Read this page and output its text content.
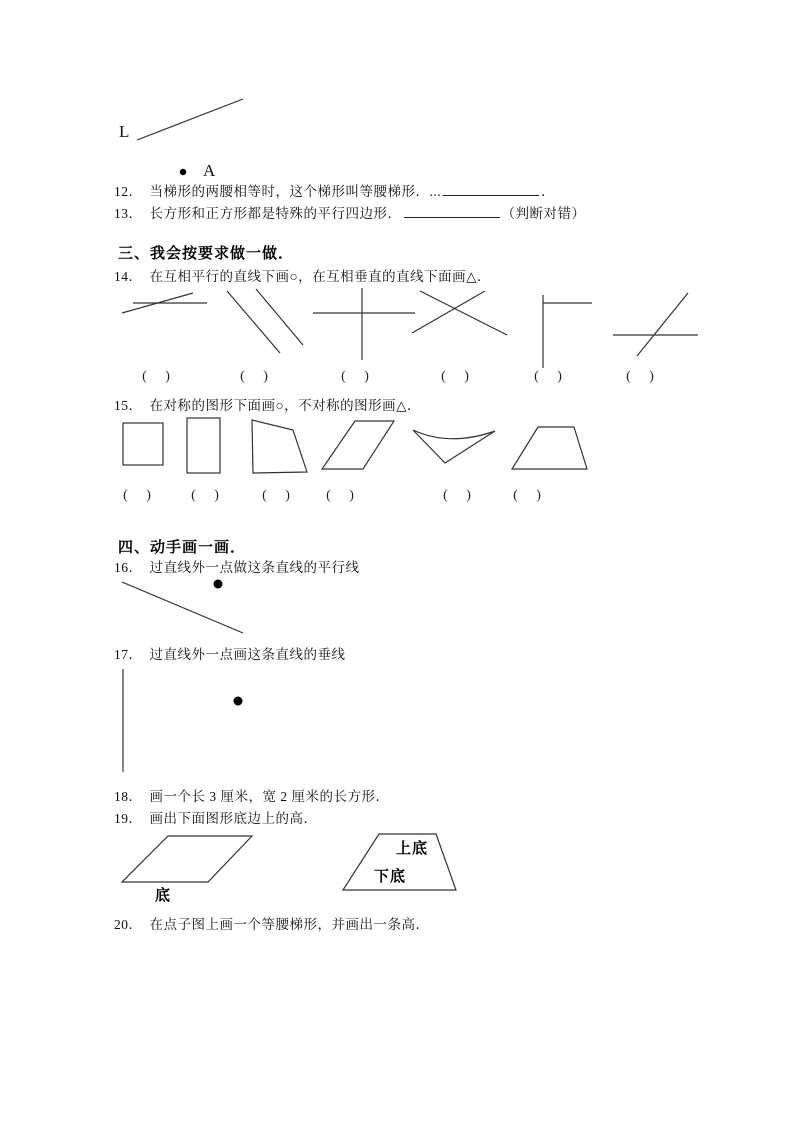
L
A
12． 当梯形的两腰相等时，这个梯形叫等腰梯形．...	．
13． 长方形和正方形都是特殊的平行四边形．	（判断对错）
三、我会按要求做一做．
14． 在互相平行的直线下画○，在互相垂直的直线下面画△．
(   )	(   )	(   )	(   )	(   )	(   )
15． 在对称的图形下面画○，不对称的图形画△．
(   )	(   )	(   ) (   )	(   )	(   )
四、动手画一画．
16． 过直线外一点做这条直线的平行线
17． 过直线外一点画这条直线的垂线
18． 画一个长 3 厘米，宽 2 厘米的长方形．
19． 画出下面图形底边上的高．
底
上底
下底
20． 在点子图上画一个等腰梯形，并画出一条高．
